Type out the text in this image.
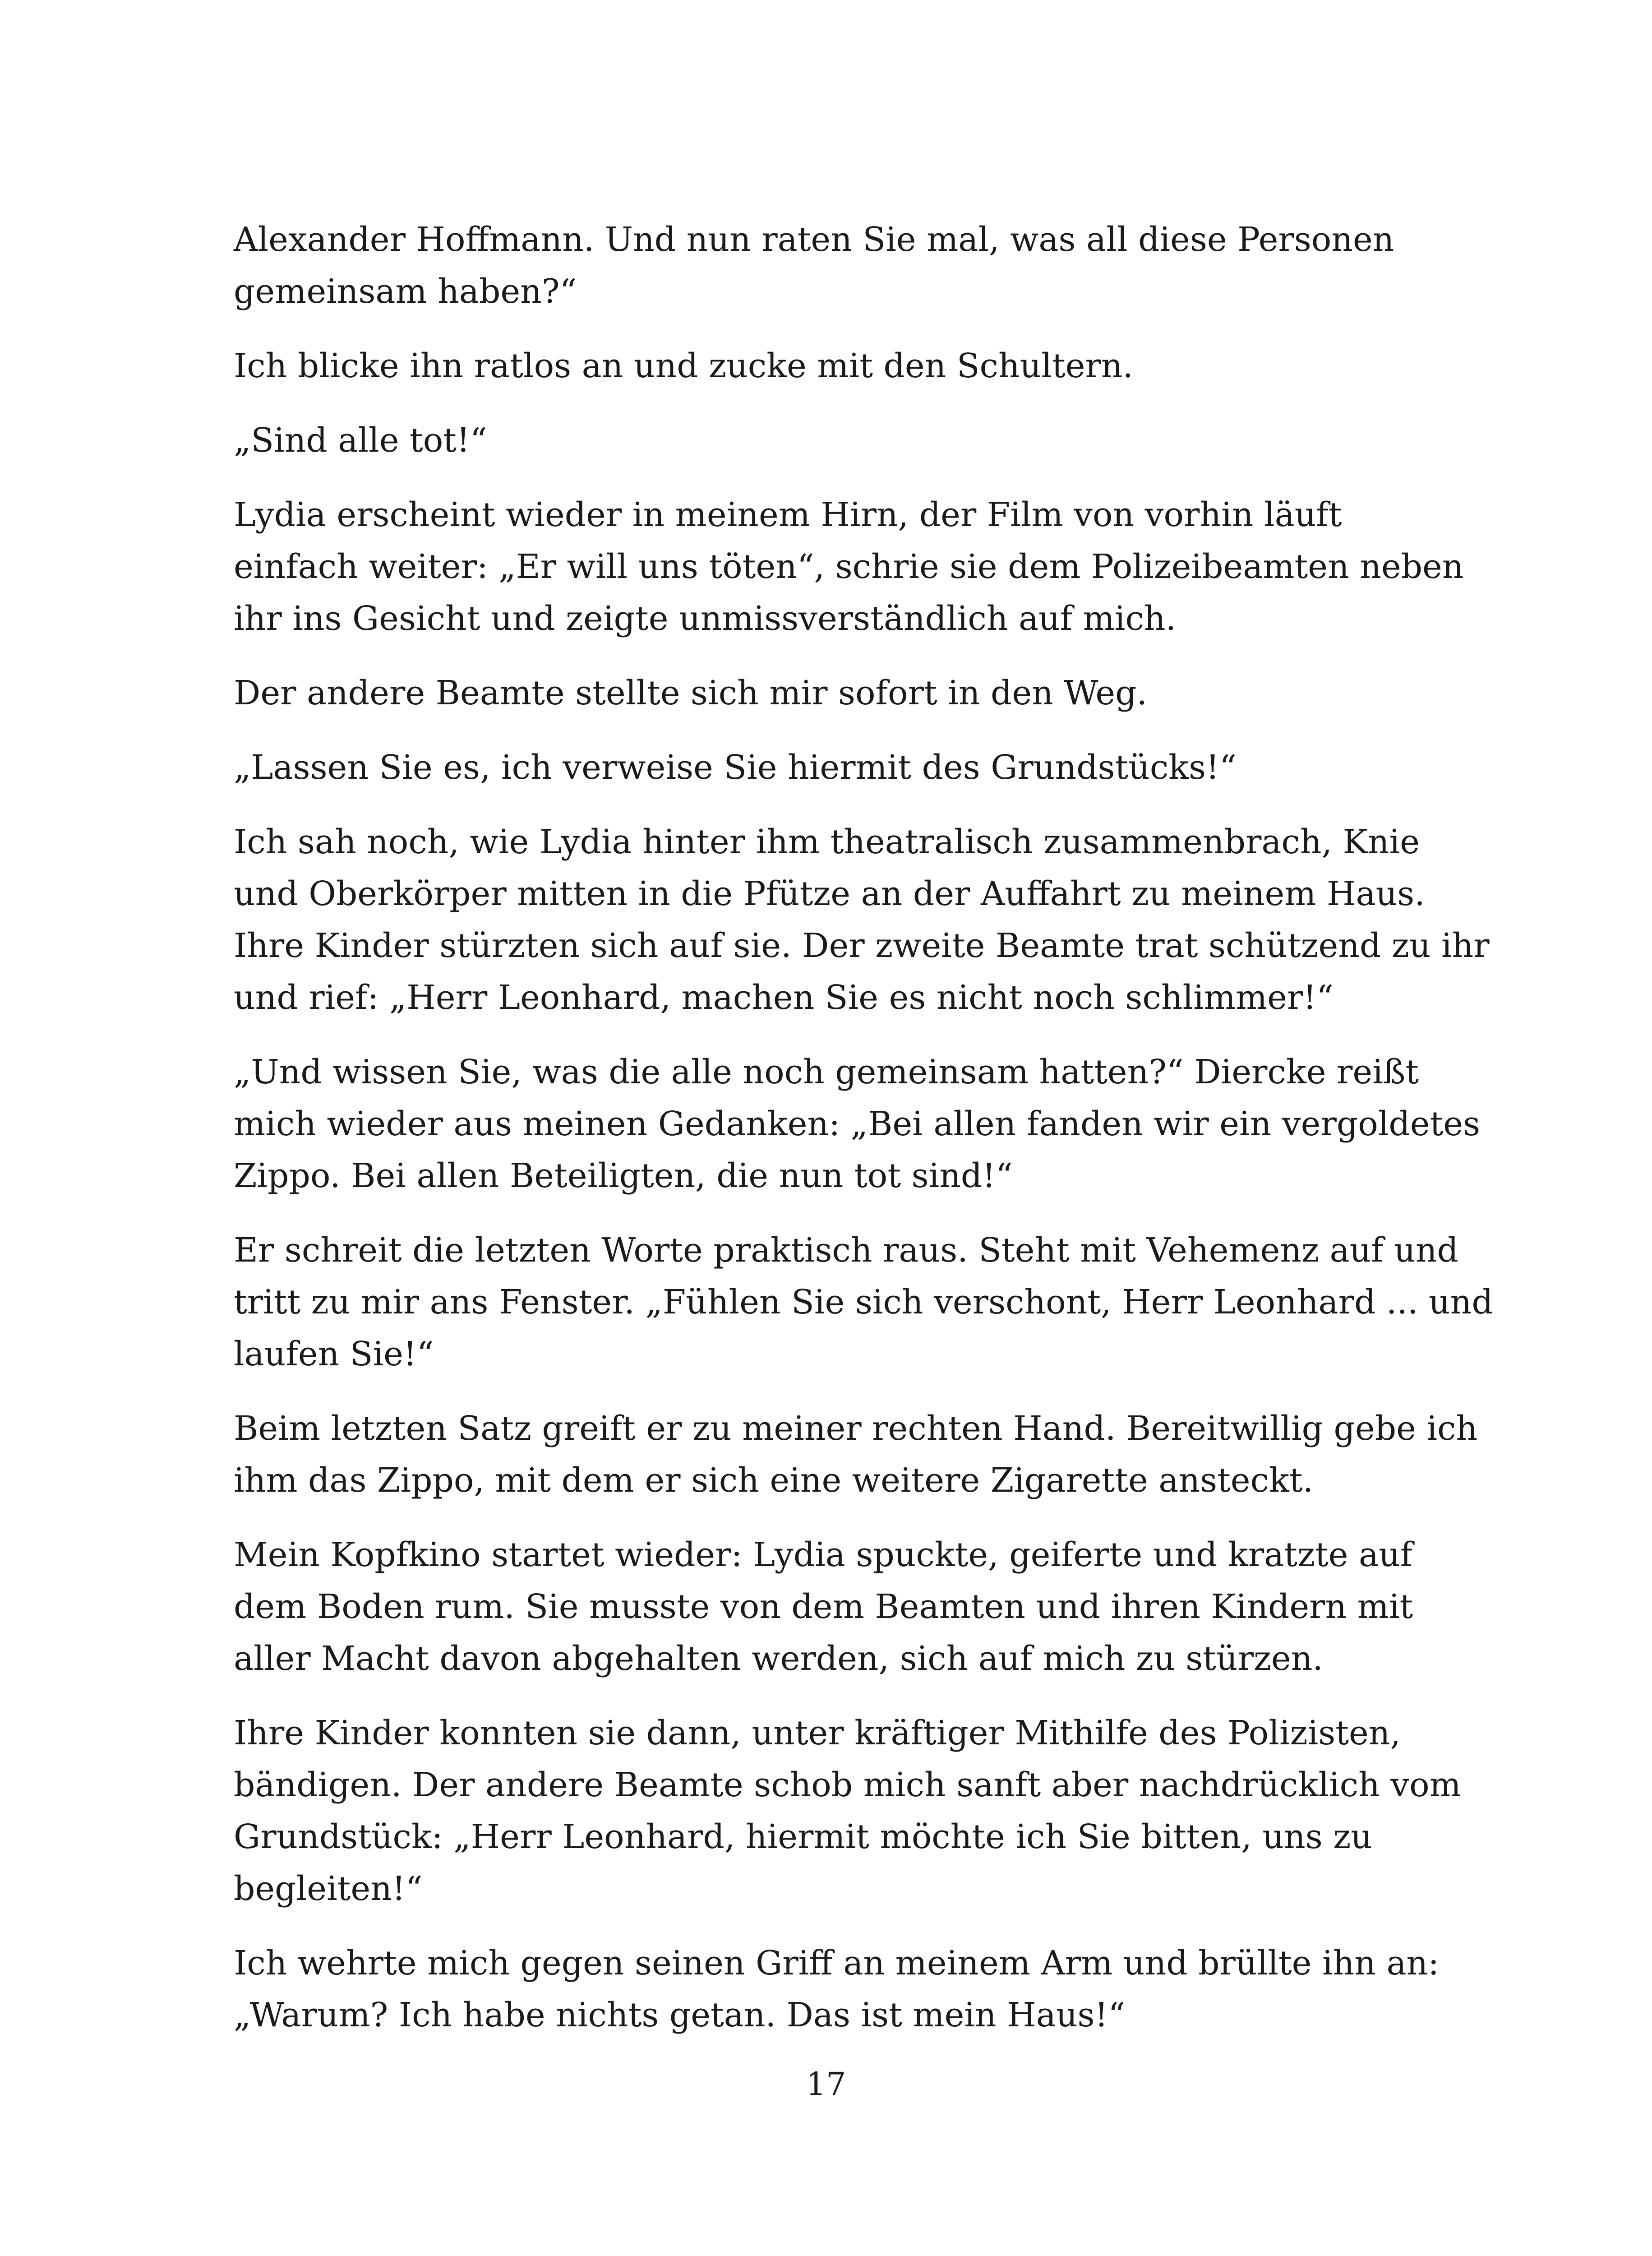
Alexander Hoffmann. Und nun raten Sie mal, was all diese Personen
gemeinsam haben?“
Ich blicke ihn ratlos an und zucke mit den Schultern.
„Sind alle tot!“
Lydia erscheint wieder in meinem Hirn, der Film von vorhin läuft
einfach weiter: „Er will uns töten“, schrie sie dem Polizeibeamten neben
ihr ins Gesicht und zeigte unmissverständlich auf mich.
Der andere Beamte stellte sich mir sofort in den Weg.
„Lassen Sie es, ich verweise Sie hiermit des Grundstücks!“
Ich sah noch, wie Lydia hinter ihm theatralisch zusammenbrach, Knie
und Oberkörper mitten in die Pfütze an der Auffahrt zu meinem Haus.
Ihre Kinder stürzten sich auf sie. Der zweite Beamte trat schützend zu ihr
und rief: „Herr Leonhard, machen Sie es nicht noch schlimmer!“
„Und wissen Sie, was die alle noch gemeinsam hatten?“ Diercke reißt
mich wieder aus meinen Gedanken: „Bei allen fanden wir ein vergoldetes
Zippo. Bei allen Beteiligten, die nun tot sind!“
Er schreit die letzten Worte praktisch raus. Steht mit Vehemenz auf und
tritt zu mir ans Fenster. „Fühlen Sie sich verschont, Herr Leonhard ... und
laufen Sie!“
Beim letzten Satz greift er zu meiner rechten Hand. Bereitwillig gebe ich
ihm das Zippo, mit dem er sich eine weitere Zigarette ansteckt.
Mein Kopfkino startet wieder: Lydia spuckte, geiferte und kratzte auf
dem Boden rum. Sie musste von dem Beamten und ihren Kindern mit
aller Macht davon abgehalten werden, sich auf mich zu stürzen.
Ihre Kinder konnten sie dann, unter kräftiger Mithilfe des Polizisten,
bändigen. Der andere Beamte schob mich sanft aber nachdrücklich vom
Grundstück: „Herr Leonhard, hiermit möchte ich Sie bitten, uns zu
begleiten!“
Ich wehrte mich gegen seinen Griff an meinem Arm und brüllte ihn an:
„Warum? Ich habe nichts getan. Das ist mein Haus!“
17
